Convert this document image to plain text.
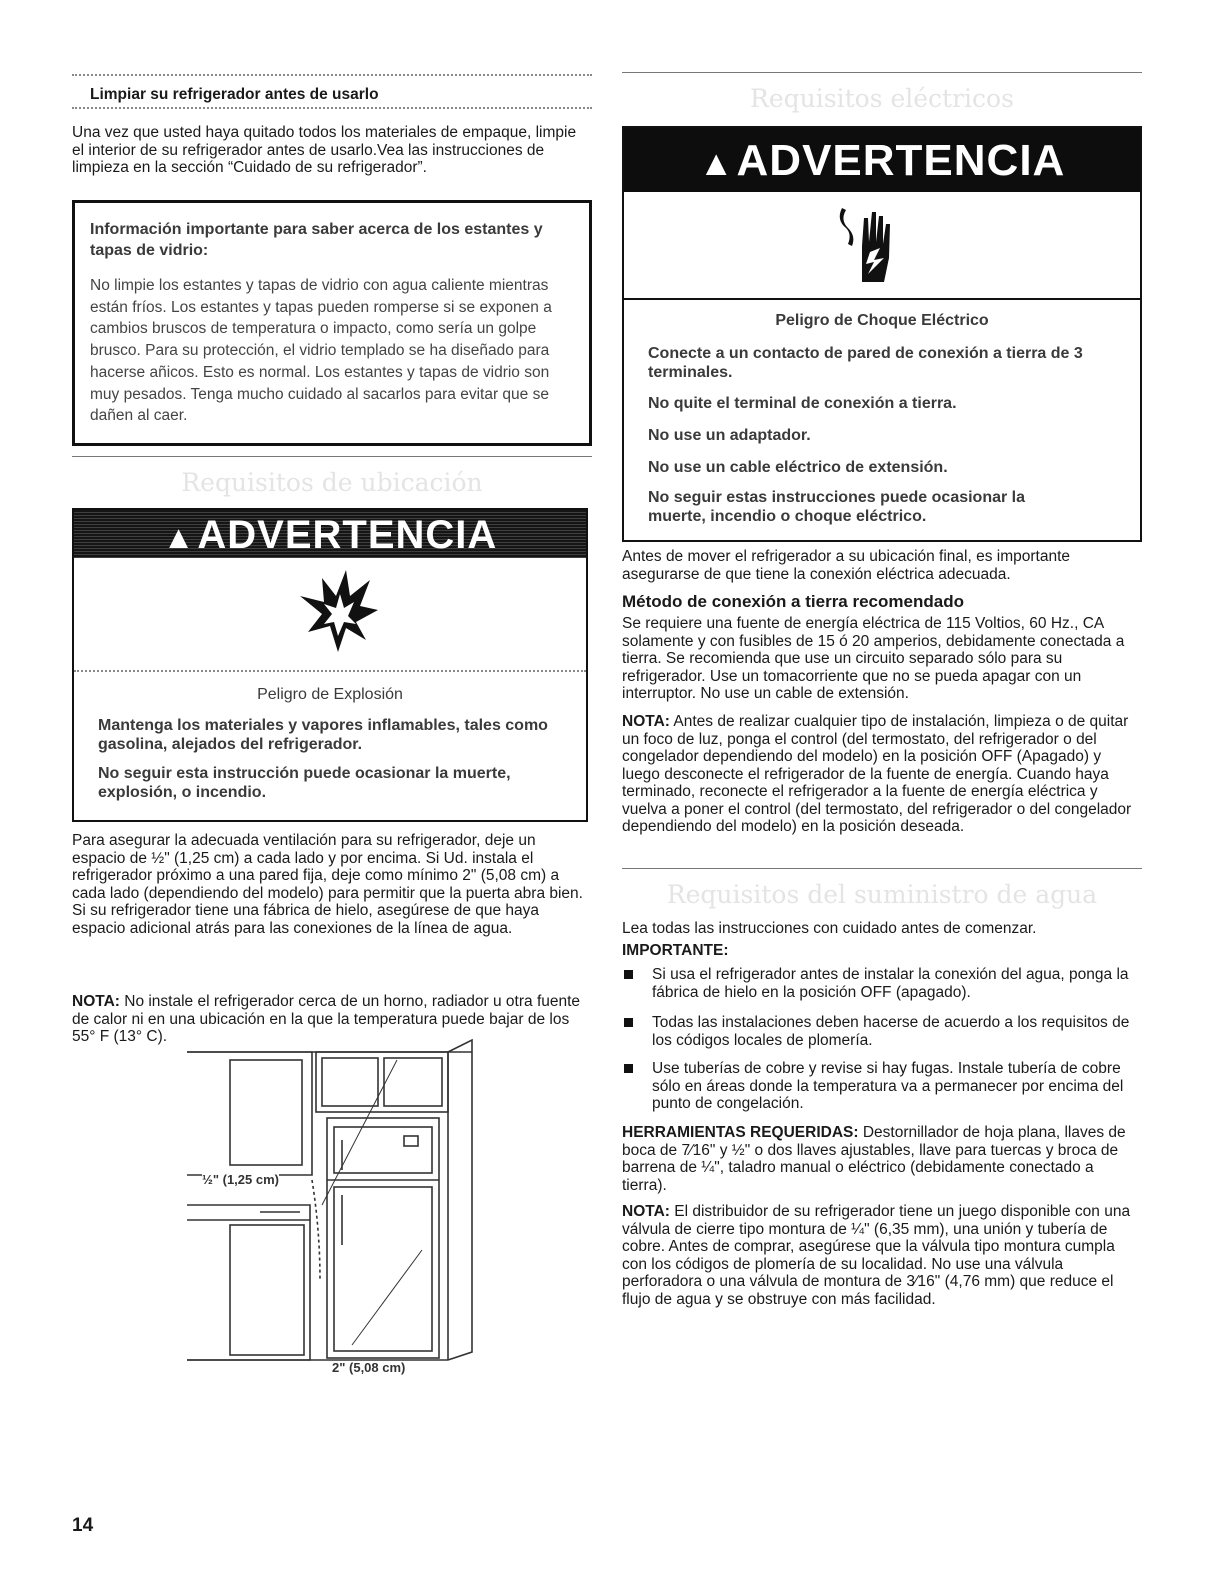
Limpiar su refrigerador antes de usarlo

Una vez que usted haya quitado todos los materiales de empaque, limpie el interior de su refrigerador antes de usarlo.Vea las instrucciones de limpieza en la sección “Cuidado de su refrigerador”.

Información importante para saber acerca de los estantes y tapas de vidrio:

No limpie los estantes y tapas de vidrio con agua caliente mientras están fríos. Los estantes y tapas pueden romperse si se exponen a cambios bruscos de temperatura o impacto, como sería un golpe brusco. Para su protección, el vidrio templado se ha diseñado para hacerse añicos. Esto es normal. Los estantes y tapas de vidrio son muy pesados. Tenga mucho cuidado al sacarlos para evitar que se dañen al caer.

Requisitos de ubicación
▲ADVERTENCIA
Peligro de Explosión

Mantenga los materiales y vapores inflamables, tales como gasolina, alejados del refrigerador.

No seguir esta instrucción puede ocasionar la muerte, explosión, o incendio.

Para asegurar la adecuada ventilación para su refrigerador, deje un espacio de ½" (1,25 cm) a cada lado y por encima. Si Ud. instala el refrigerador próximo a una pared fija, deje como mínimo 2" (5,08 cm) a cada lado (dependiendo del modelo) para permitir que la puerta abra bien. Si su refrigerador tiene una fábrica de hielo, asegúrese de que haya espacio adicional atrás para las conexiones de la línea de agua.

NOTA: No instale el refrigerador cerca de un horno, radiador u otra fuente de calor ni en una ubicación en la que la temperatura puede bajar de los 55° F (13° C).

½" (1,25 cm)
2" (5,08 cm)
Requisitos eléctricos
▲ADVERTENCIA
Peligro de Choque Eléctrico

Conecte a un contacto de pared de conexión a tierra de 3 terminales.

No quite el terminal de conexión a tierra.

No use un adaptador.

No use un cable eléctrico de extensión.

No seguir estas instrucciones puede ocasionar la muerte, incendio o choque eléctrico.

Antes de mover el refrigerador a su ubicación final, es importante asegurarse de que tiene la conexión eléctrica adecuada.

Método de conexión a tierra recomendado

Se requiere una fuente de energía eléctrica de 115 Voltios, 60 Hz., CA solamente y con fusibles de 15 ó 20 amperios, debidamente conectada a tierra. Se recomienda que use un circuito separado sólo para su refrigerador. Use un tomacorriente que no se pueda apagar con un interruptor. No use un cable de extensión.

NOTA: Antes de realizar cualquier tipo de instalación, limpieza o de quitar un foco de luz, ponga el control (del termostato, del refrigerador o del congelador dependiendo del modelo) en la posición OFF (Apagado) y luego desconecte el refrigerador de la fuente de energía. Cuando haya terminado, reconecte el refrigerador a la fuente de energía eléctrica y vuelva a poner el control (del termostato, del refrigerador o del congelador dependiendo del modelo) en la posición deseada.

Requisitos del suministro de agua

Lea todas las instrucciones con cuidado antes de comenzar.

IMPORTANTE:

Si usa el refrigerador antes de instalar la conexión del agua, ponga la fábrica de hielo en la posición OFF (apagado).

Todas las instalaciones deben hacerse de acuerdo a los requisitos de los códigos locales de plomería.

Use tuberías de cobre y revise si hay fugas. Instale tubería de cobre sólo en áreas donde la temperatura va a permanecer por encima del punto de congelación.

HERRAMIENTAS REQUERIDAS: Destornillador de hoja plana, llaves de boca de 7⁄16" y ½" o dos llaves ajustables, llave para tuercas y broca de barrena de ¼", taladro manual o eléctrico (debidamente conectado a tierra).

NOTA: El distribuidor de su refrigerador tiene un juego disponible con una válvula de cierre tipo montura de ¼" (6,35 mm), una unión y tubería de cobre. Antes de comprar, asegúrese que la válvula tipo montura cumpla con los códigos de plomería de su localidad. No use una válvula perforadora o una válvula de montura de 3⁄16" (4,76 mm) que reduce el flujo de agua y se obstruye con más facilidad.

14
